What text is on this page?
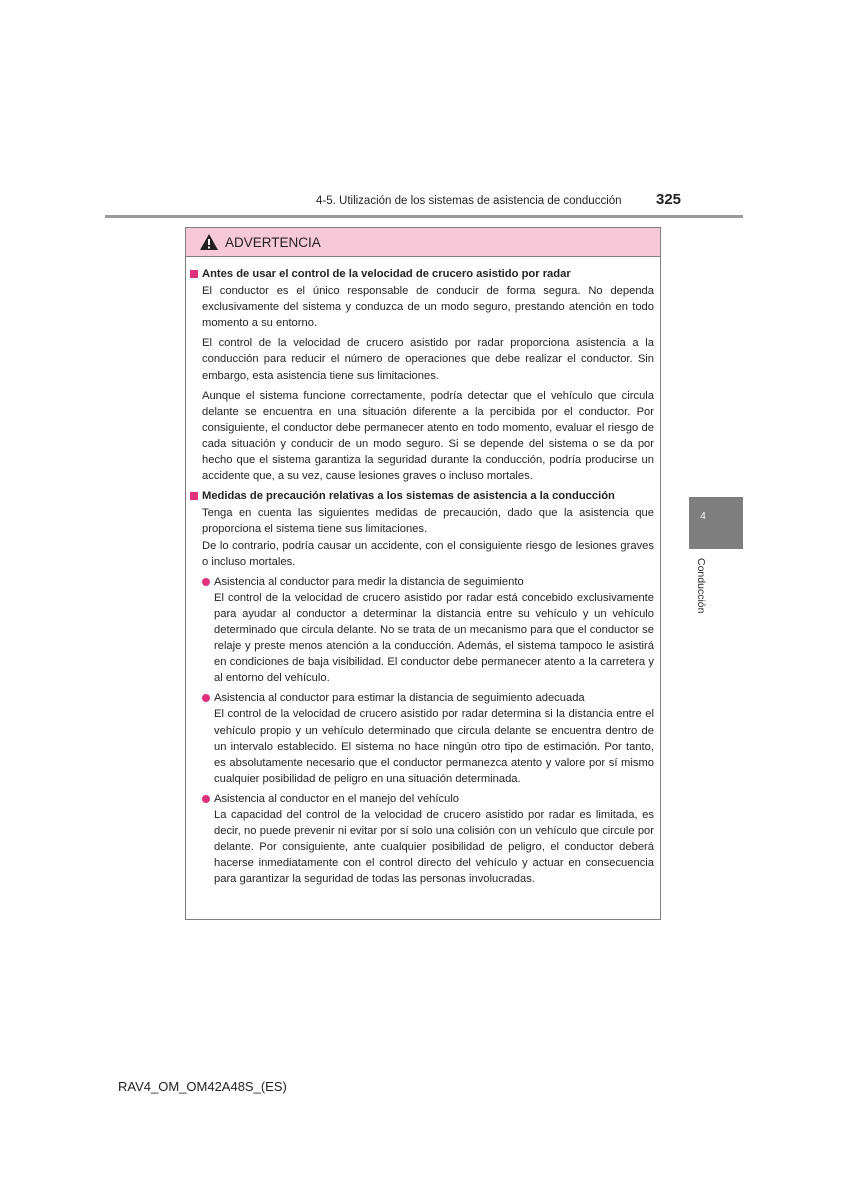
4-5. Utilización de los sistemas de asistencia de conducción 325
4
Conducción
ADVERTENCIA
Antes de usar el control de la velocidad de crucero asistido por radar

El conductor es el único responsable de conducir de forma segura. No dependa exclusivamente del sistema y conduzca de un modo seguro, prestando atención en todo momento a su entorno.

El control de la velocidad de crucero asistido por radar proporciona asistencia a la conducción para reducir el número de operaciones que debe realizar el conductor. Sin embargo, esta asistencia tiene sus limitaciones.

Aunque el sistema funcione correctamente, podría detectar que el vehículo que circula delante se encuentra en una situación diferente a la percibida por el conductor. Por consiguiente, el conductor debe permanecer atento en todo momento, evaluar el riesgo de cada situación y conducir de un modo seguro. Si se depende del sistema o se da por hecho que el sistema garantiza la seguridad durante la conducción, podría producirse un accidente que, a su vez, cause lesiones graves o incluso mortales.

Medidas de precaución relativas a los sistemas de asistencia a la conducción

Tenga en cuenta las siguientes medidas de precaución, dado que la asistencia que proporciona el sistema tiene sus limitaciones.

De lo contrario, podría causar un accidente, con el consiguiente riesgo de lesiones graves o incluso mortales.

Asistencia al conductor para medir la distancia de seguimiento

El control de la velocidad de crucero asistido por radar está concebido exclusivamente para ayudar al conductor a determinar la distancia entre su vehículo y un vehículo determinado que circula delante. No se trata de un mecanismo para que el conductor se relaje y preste menos atención a la conducción. Además, el sistema tampoco le asistirá en condiciones de baja visibilidad. El conductor debe permanecer atento a la carretera y al entorno del vehículo.

Asistencia al conductor para estimar la distancia de seguimiento adecuada

El control de la velocidad de crucero asistido por radar determina si la distancia entre el vehículo propio y un vehículo determinado que circula delante se encuentra dentro de un intervalo establecido. El sistema no hace ningún otro tipo de estimación. Por tanto, es absolutamente necesario que el conductor permanezca atento y valore por sí mismo cualquier posibilidad de peligro en una situación determinada.

Asistencia al conductor en el manejo del vehículo

La capacidad del control de la velocidad de crucero asistido por radar es limitada, es decir, no puede prevenir ni evitar por sí solo una colisión con un vehículo que circule por delante. Por consiguiente, ante cualquier posibilidad de peligro, el conductor deberá hacerse inmediatamente con el control directo del vehículo y actuar en consecuencia para garantizar la seguridad de todas las personas involucradas.

RAV4_OM_OM42A48S_(ES)
